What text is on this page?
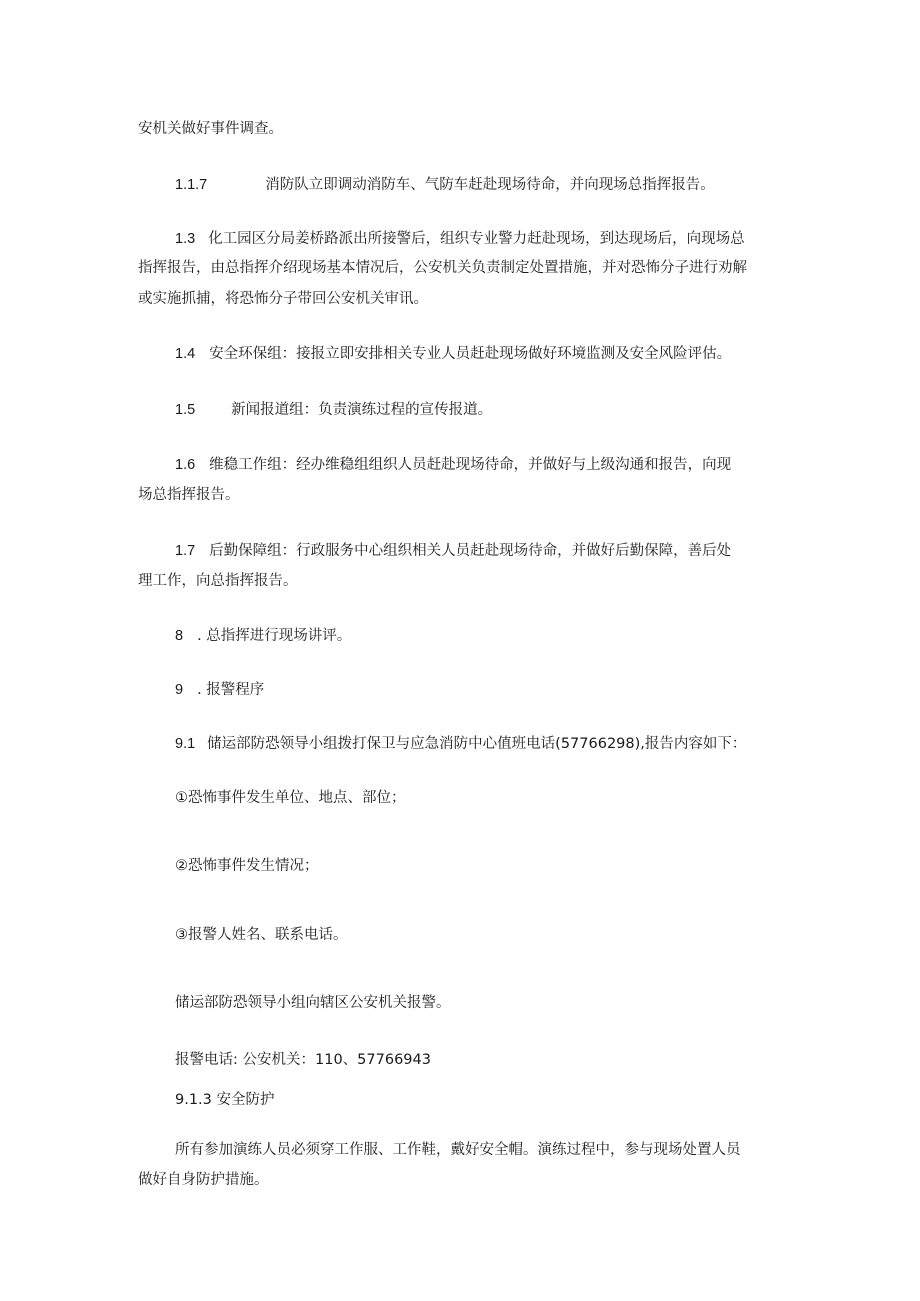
安机关做好事件调查。
1.1.7	消防队立即调动消防车、气防车赶赴现场待命，并向现场总指挥报告。
1.3 化工园区分局姜桥路派出所接警后，组织专业警力赶赴现场，到达现场后，向现场总
指挥报告，由总指挥介绍现场基本情况后，公安机关负责制定处置措施，并对恐怖分子进行劝解
或实施抓捕，将恐怖分子带回公安机关审讯。
1.4 安全环保组：接报立即安排相关专业人员赶赴现场做好环境监测及安全风险评估。
1.5 新闻报道组：负责演练过程的宣传报道。
1.6 维稳工作组：经办维稳组组织人员赶赴现场待命，并做好与上级沟通和报告，向现
场总指挥报告。
1.7 后勤保障组：行政服务中心组织相关人员赶赴现场待命，并做好后勤保障，善后处
理工作，向总指挥报告。
8 . 总指挥进行现场讲评。
9 . 报警程序
9.1 储运部防恐领导小组拨打保卫与应急消防中心值班电话(57766298),报告内容如下：
①恐怖事件发生单位、地点、部位；
②恐怖事件发生情况；
③报警人姓名、联系电话。
储运部防恐领导小组向辖区公安机关报警。
报警电话: 公安机关：110、57766943
9.1.3 安全防护
所有参加演练人员必须穿工作服、工作鞋，戴好安全帽。演练过程中，参与现场处置人员
做好自身防护措施。
